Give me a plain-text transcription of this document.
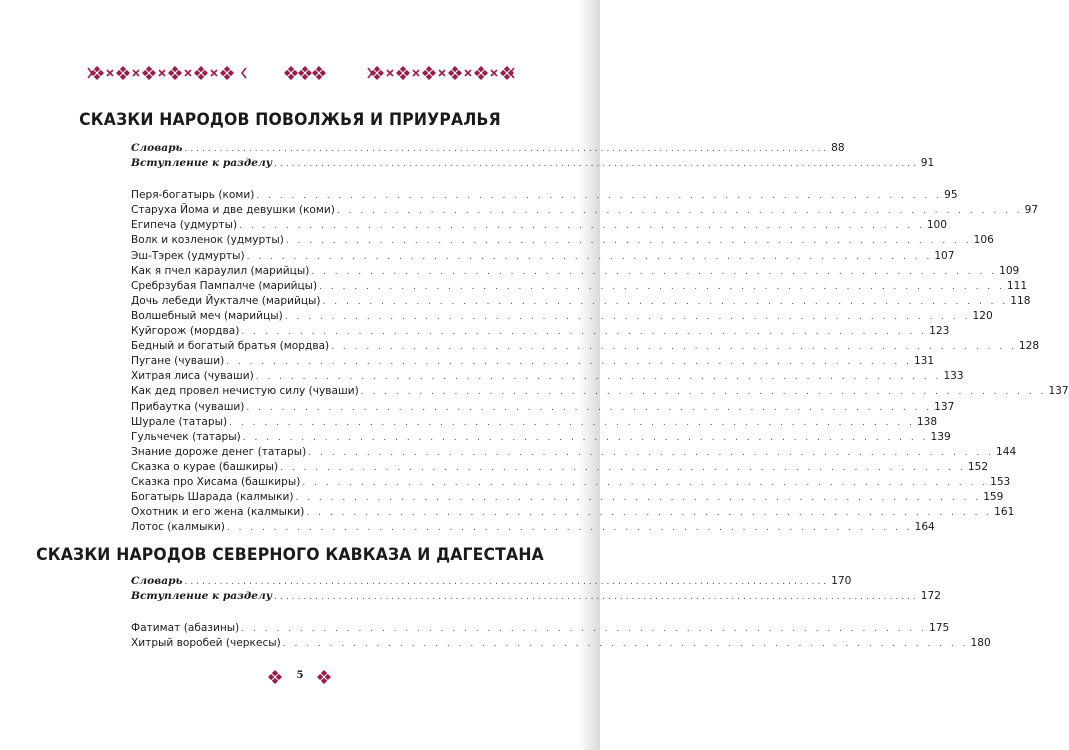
СКАЗКИ НАРОДОВ ПОВОЛЖЬЯ И ПРИУРАЛЬЯ
Словарь .............................................................................................................. 88
Вступление к разделу .............................................................................................................. 91
Перя-богатырь (коми) . . . . . . . . . . . . . . . . . . . . . . . . . . . . . . . . . . . . . . . . . . . . . . . . . . . . . . . . . . . 95
Старуха Йома и две девушки (коми) . . . . . . . . . . . . . . . . . . . . . . . . . . . . . . . . . . . . . . . . . . . . . . . . . . . . . . . . . . . 97
Египеча (удмурты) . . . . . . . . . . . . . . . . . . . . . . . . . . . . . . . . . . . . . . . . . . . . . . . . . . . . . . . . . . . 100
Волк и козленок (удмурты) . . . . . . . . . . . . . . . . . . . . . . . . . . . . . . . . . . . . . . . . . . . . . . . . . . . . . . . . . . . 106
Эш-Тэрек (удмурты) . . . . . . . . . . . . . . . . . . . . . . . . . . . . . . . . . . . . . . . . . . . . . . . . . . . . . . . . . . . 107
Как я пчел караулил (марийцы) . . . . . . . . . . . . . . . . . . . . . . . . . . . . . . . . . . . . . . . . . . . . . . . . . . . . . . . . . . . 109
Сребрзубая Пампалче (марийцы) . . . . . . . . . . . . . . . . . . . . . . . . . . . . . . . . . . . . . . . . . . . . . . . . . . . . . . . . . . . 111
Дочь лебеди Йукталче (марийцы) . . . . . . . . . . . . . . . . . . . . . . . . . . . . . . . . . . . . . . . . . . . . . . . . . . . . . . . . . . . 118
Волшебный меч (марийцы) . . . . . . . . . . . . . . . . . . . . . . . . . . . . . . . . . . . . . . . . . . . . . . . . . . . . . . . . . . . 120
Куйгорож (мордва) . . . . . . . . . . . . . . . . . . . . . . . . . . . . . . . . . . . . . . . . . . . . . . . . . . . . . . . . . . . 123
Бедный и богатый братья (мордва) . . . . . . . . . . . . . . . . . . . . . . . . . . . . . . . . . . . . . . . . . . . . . . . . . . . . . . . . . . . 128
Пугане (чуваши) . . . . . . . . . . . . . . . . . . . . . . . . . . . . . . . . . . . . . . . . . . . . . . . . . . . . . . . . . . . 131
Хитрая лиса (чуваши) . . . . . . . . . . . . . . . . . . . . . . . . . . . . . . . . . . . . . . . . . . . . . . . . . . . . . . . . . . . 133
Как дед провел нечистую силу (чуваши) . . . . . . . . . . . . . . . . . . . . . . . . . . . . . . . . . . . . . . . . . . . . . . . . . . . . . . . . . . . 137
Прибаутка (чуваши) . . . . . . . . . . . . . . . . . . . . . . . . . . . . . . . . . . . . . . . . . . . . . . . . . . . . . . . . . . . 137
Шурале (татары) . . . . . . . . . . . . . . . . . . . . . . . . . . . . . . . . . . . . . . . . . . . . . . . . . . . . . . . . . . . 138
Гульчечек (татары) . . . . . . . . . . . . . . . . . . . . . . . . . . . . . . . . . . . . . . . . . . . . . . . . . . . . . . . . . . . 139
Знание дороже денег (татары) . . . . . . . . . . . . . . . . . . . . . . . . . . . . . . . . . . . . . . . . . . . . . . . . . . . . . . . . . . . 144
Сказка о курае (башкиры) . . . . . . . . . . . . . . . . . . . . . . . . . . . . . . . . . . . . . . . . . . . . . . . . . . . . . . . . . . . 152
Сказка про Хисама (башкиры) . . . . . . . . . . . . . . . . . . . . . . . . . . . . . . . . . . . . . . . . . . . . . . . . . . . . . . . . . . . 153
Богатырь Шарада (калмыки) . . . . . . . . . . . . . . . . . . . . . . . . . . . . . . . . . . . . . . . . . . . . . . . . . . . . . . . . . . . 159
Охотник и его жена (калмыки) . . . . . . . . . . . . . . . . . . . . . . . . . . . . . . . . . . . . . . . . . . . . . . . . . . . . . . . . . . . 161
Лотос (калмыки) . . . . . . . . . . . . . . . . . . . . . . . . . . . . . . . . . . . . . . . . . . . . . . . . . . . . . . . . . . . 164
СКАЗКИ НАРОДОВ СЕВЕРНОГО КАВКАЗА И ДАГЕСТАНА
Словарь .............................................................................................................. 170
Вступление к разделу .............................................................................................................. 172
Фатимат (абазины) . . . . . . . . . . . . . . . . . . . . . . . . . . . . . . . . . . . . . . . . . . . . . . . . . . . . . . . . . . . 175
Хитрый воробей (черкесы) . . . . . . . . . . . . . . . . . . . . . . . . . . . . . . . . . . . . . . . . . . . . . . . . . . . . . . . . . . . 180
5
